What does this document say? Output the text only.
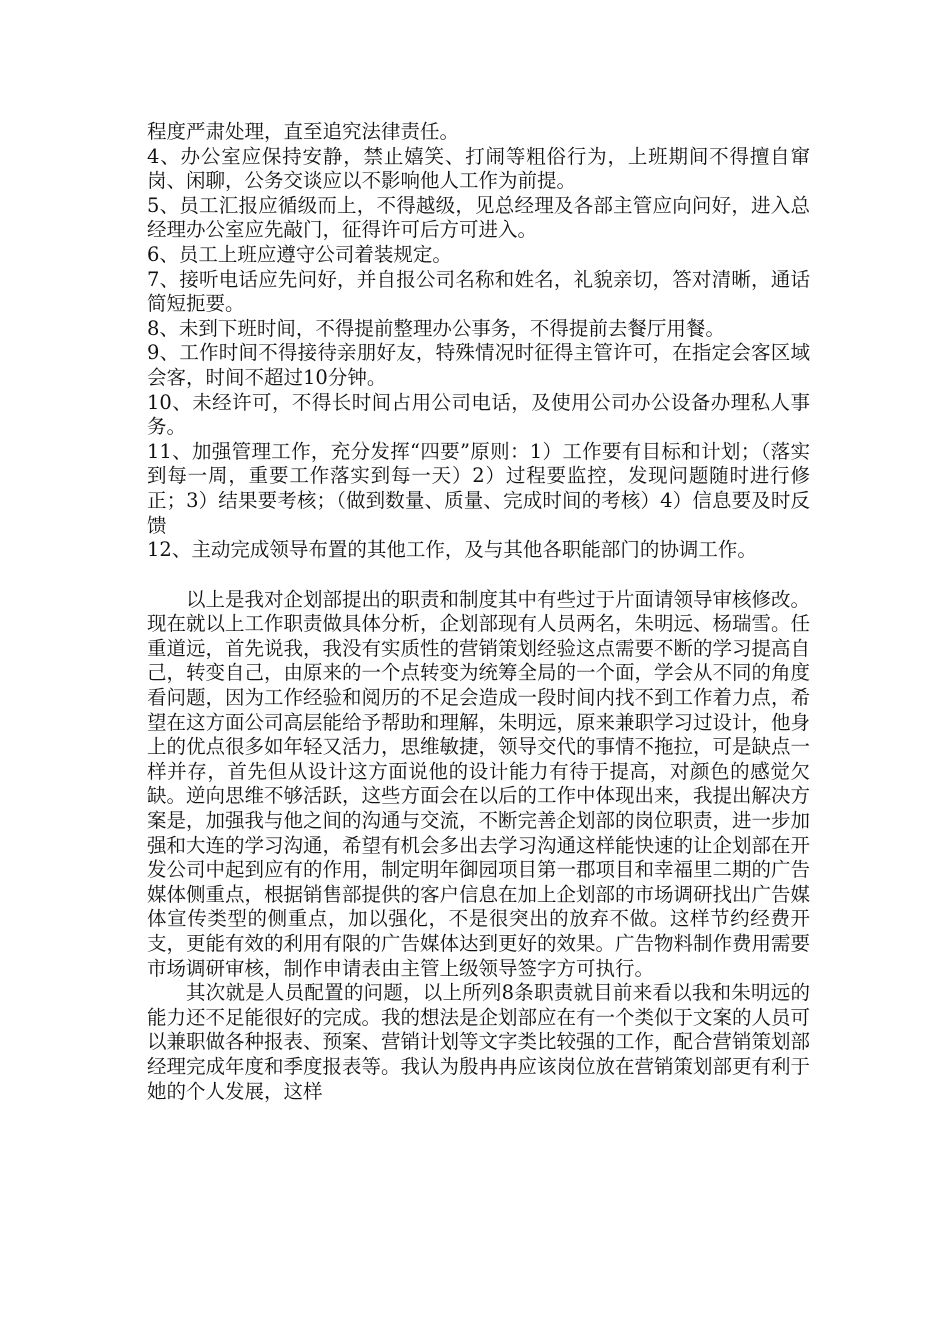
程度严肃处理，直至追究法律责任。

4、办公室应保持安静，禁止嬉笑、打闹等粗俗行为，上班期间不得擅自窜岗、闲聊，公务交谈应以不影响他人工作为前提。

5、员工汇报应循级而上，不得越级，见总经理及各部主管应向问好，进入总经理办公室应先敲门，征得许可后方可进入。

6、员工上班应遵守公司着装规定。

7、接听电话应先问好，并自报公司名称和姓名，礼貌亲切，答对清晰，通话简短扼要。

8、未到下班时间，不得提前整理办公事务，不得提前去餐厅用餐。

9、工作时间不得接待亲朋好友，特殊情况时征得主管许可，在指定会客区域会客，时间不超过10分钟。

10、未经许可，不得长时间占用公司电话，及使用公司办公设备办理私人事务。

11、加强管理工作，充分发挥“四要”原则：1）工作要有目标和计划；（落实到每一周，重要工作落实到每一天）2）过程要监控，发现问题随时进行修正；3）结果要考核；（做到数量、质量、完成时间的考核）4）信息要及时反馈

12、主动完成领导布置的其他工作，及与其他各职能部门的协调工作。

以上是我对企划部提出的职责和制度其中有些过于片面请领导审核修改。现在就以上工作职责做具体分析，企划部现有人员两名，朱明远、杨瑞雪。任重道远，首先说我，我没有实质性的营销策划经验这点需要不断的学习提高自己，转变自己，由原来的一个点转变为统筹全局的一个面，学会从不同的角度看问题，因为工作经验和阅历的不足会造成一段时间内找不到工作着力点，希望在这方面公司高层能给予帮助和理解，朱明远，原来兼职学习过设计，他身上的优点很多如年轻又活力，思维敏捷，领导交代的事情不拖拉，可是缺点一样并存，首先但从设计这方面说他的设计能力有待于提高，对颜色的感觉欠缺。逆向思维不够活跃，这些方面会在以后的工作中体现出来，我提出解决方案是，加强我与他之间的沟通与交流，不断完善企划部的岗位职责，进一步加强和大连的学习沟通，希望有机会多出去学习沟通这样能快速的让企划部在开发公司中起到应有的作用，制定明年御园项目第一郡项目和幸福里二期的广告媒体侧重点，根据销售部提供的客户信息在加上企划部的市场调研找出广告媒体宣传类型的侧重点，加以强化，不是很突出的放弃不做。这样节约经费开支，更能有效的利用有限的广告媒体达到更好的效果。广告物料制作费用需要市场调研审核，制作申请表由主管上级领导签字方可执行。

其次就是人员配置的问题，以上所列8条职责就目前来看以我和朱明远的能力还不足能很好的完成。我的想法是企划部应在有一个类似于文案的人员可以兼职做各种报表、预案、营销计划等文字类比较强的工作，配合营销策划部经理完成年度和季度报表等。我认为殷冉冉应该岗位放在营销策划部更有利于她的个人发展，这样
